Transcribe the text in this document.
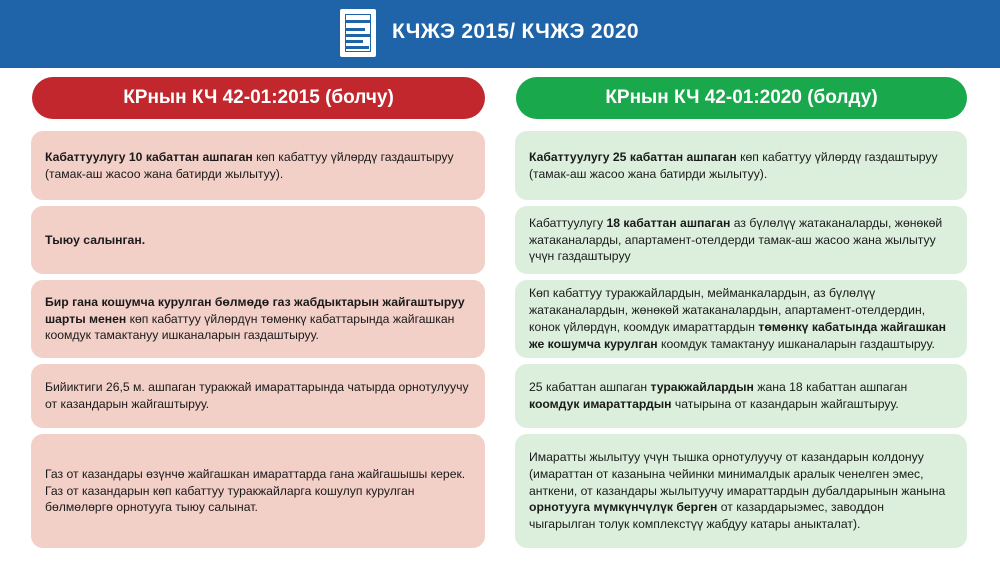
КЧЖЭ 2015/ КЧЖЭ 2020
КРнын КЧ 42-01:2015 (болчу)	КРнын КЧ 42-01:2020 (болду)
Кабаттуулугу 10 кабаттан ашпаган көп кабаттуу үйлөрдү газдаштыруу (тамак-аш жасоо жана батирди жылытуу).
Тыюу салынган.
Бир гана кошумча курулган бөлмөдө газ жабдыктарын жайгаштыруу шарты менен көп кабаттуу үйлөрдүн төмөнкү кабаттарында жайгашкан коомдук тамактануу ишканаларын газдаштыруу.
Бийиктиги 26,5 м. ашпаган туракжай имараттарында чатырда орнотулуучу от казандарын жайгаштыруу.
Газ от казандары өзүнчө жайгашкан имараттарда гана жайгашышы керек. Газ от казандарын көп кабаттуу туракжайларга кошулуп курулган бөлмөлөргө орнотууга тыюу салынат.
Кабаттуулугу 25 кабаттан ашпаган көп кабаттуу үйлөрдү газдаштыруу (тамак-аш жасоо жана батирди жылытуу).
Кабаттуулугу 18 кабаттан ашпаган аз бүлөлүү жатаканаларды, жөнөкөй жатаканаларды, апартамент-отелдерди тамак-аш жасоо жана жылытуу үчүн газдаштыруу
Көп кабаттуу туракжайлардын, мейманкалардын, аз бүлөлүү жатаканалардын, жөнөкөй жатаканалардын, апартамент-отелдердин, конок үйлөрдүн, коомдук имараттардын төмөнкү кабатында жайгашкан же кошумча курулган коомдук тамактануу ишканаларын газдаштыруу.
25 кабаттан ашпаган туракжайлардын жана 18 кабаттан ашпаган коомдук имараттардын чатырына от казандарын жайгаштыруу.
Имаратты жылытуу үчүн тышка орнотулуучу от казандарын колдонуу (имараттан от казанына чейинки минималдык аралык ченелген эмес, анткени, от казандары жылытуучу имараттардын дубалдарынын жанына орнотууга мүмкүнчүлүк берген от казардарыэмес, заводдон чыгарылган толук комплекстүү жабдуу катары аныкталат).
